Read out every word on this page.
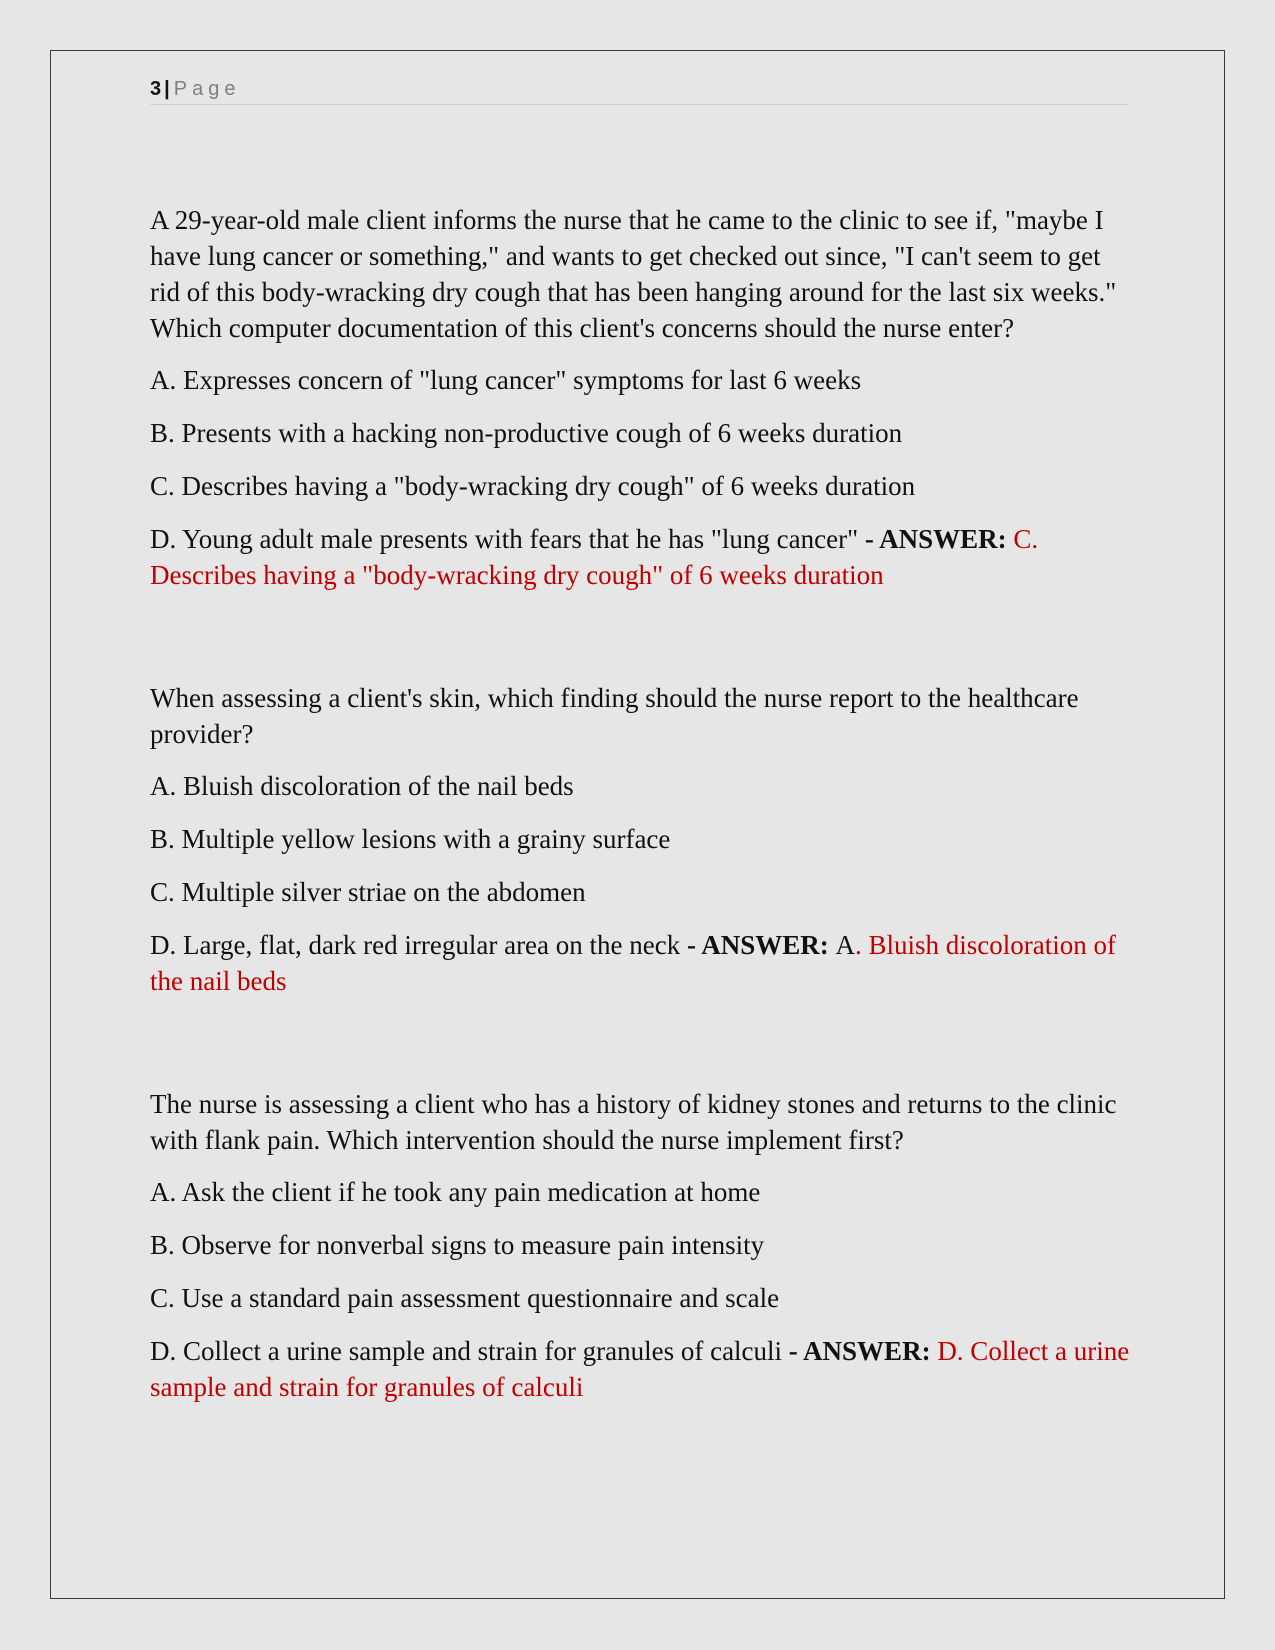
3 | Page

A 29-year-old male client informs the nurse that he came to the clinic to see if, "maybe I have lung cancer or something," and wants to get checked out since, "I can't seem to get rid of this body-wracking dry cough that has been hanging around for the last six weeks." Which computer documentation of this client's concerns should the nurse enter?

A. Expresses concern of "lung cancer" symptoms for last 6 weeks

B. Presents with a hacking non-productive cough of 6 weeks duration

C. Describes having a "body-wracking dry cough" of 6 weeks duration

D. Young adult male presents with fears that he has "lung cancer" - ANSWER: C. Describes having a "body-wracking dry cough" of 6 weeks duration

When assessing a client's skin, which finding should the nurse report to the healthcare provider?

A. Bluish discoloration of the nail beds

B. Multiple yellow lesions with a grainy surface

C. Multiple silver striae on the abdomen

D. Large, flat, dark red irregular area on the neck - ANSWER: A. Bluish discoloration of the nail beds

The nurse is assessing a client who has a history of kidney stones and returns to the clinic with flank pain. Which intervention should the nurse implement first?

A. Ask the client if he took any pain medication at home

B. Observe for nonverbal signs to measure pain intensity

C. Use a standard pain assessment questionnaire and scale

D. Collect a urine sample and strain for granules of calculi - ANSWER: D. Collect a urine sample and strain for granules of calculi
